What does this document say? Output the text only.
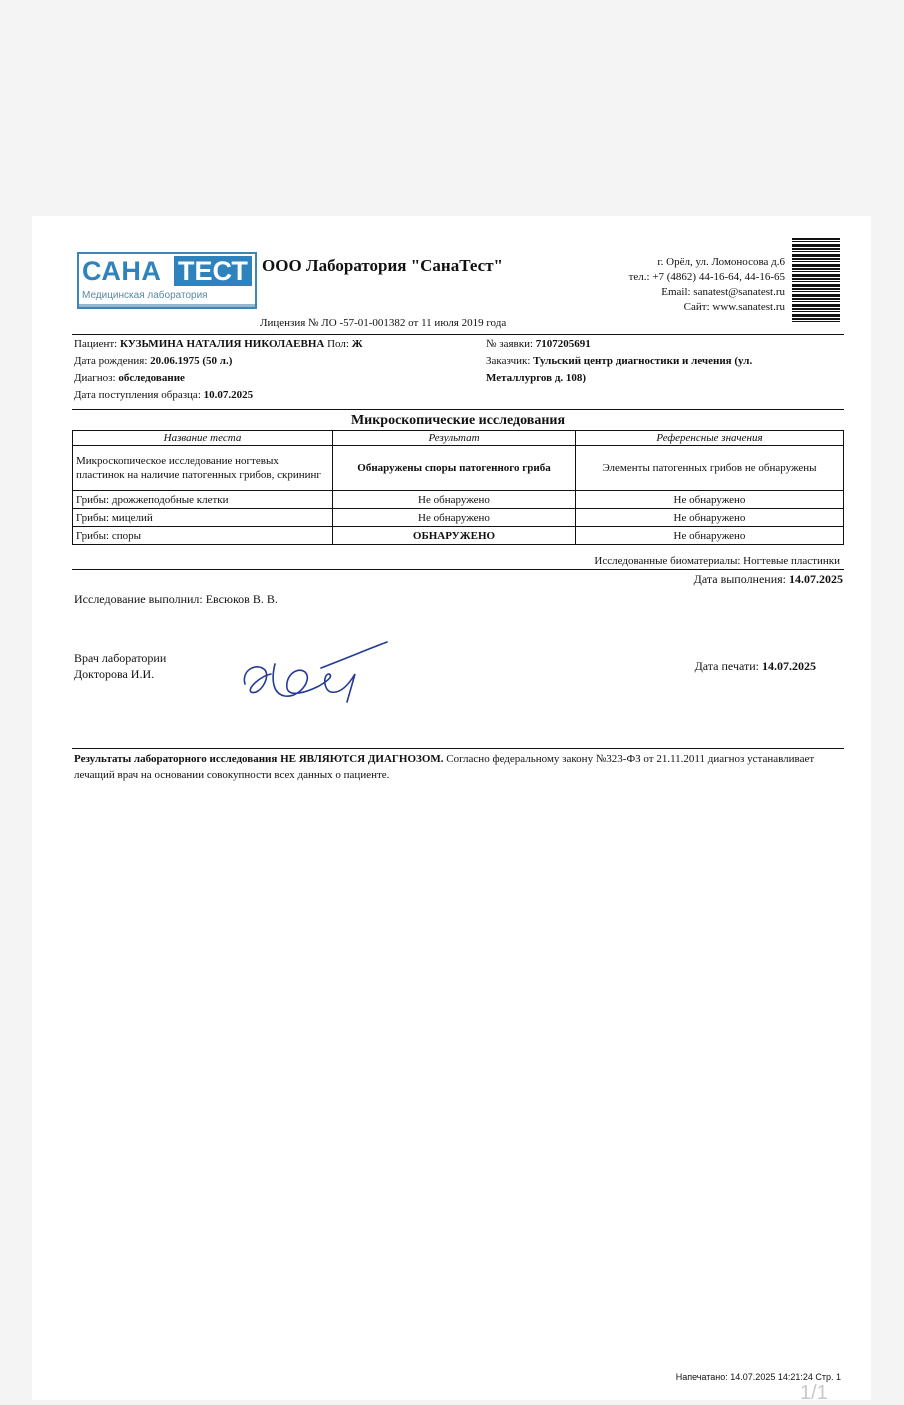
САНА ТЕСТ
Медицинская лаборатория
ООО Лаборатория "СанаТест"	г. Орёл, ул. Ломоносова д.6
тел.: +7 (4862) 44-16-64, 44-16-65
Email: sanatest@sanatest.ru
Сайт: www.sanatest.ru
Лицензия № ЛО -57-01-001382 от 11 июля 2019 года
Пациент: КУЗЬМИНА НАТАЛИЯ НИКОЛАЕВНА Пол: Ж
Дата рождения: 20.06.1975 (50 л.)
Диагноз: обследование
Дата поступления образца: 10.07.2025
№ заявки: 7107205691
Заказчик: Тульский центр диагностики и лечения (ул.
Металлургов д. 108)
Микроскопические исследования
Название теста	Результат	Референсные значения
Микроскопическое исследование ногтевых пластинок на наличие патогенных грибов, скрининг	Обнаружены споры патогенного гриба	Элементы патогенных грибов не обнаружены
Грибы: дрожжеподобные клетки	Не обнаружено	Не обнаружено
Грибы: мицелий	Не обнаружено	Не обнаружено
Грибы: споры	ОБНАРУЖЕНО	Не обнаружено
Исследованные биоматериалы: Ногтевые пластинки
Дата выполнения: 14.07.2025
Исследование выполнил: Евсюков В. В.
Врач лаборатории
Докторова И.И.
Дата печати: 14.07.2025
Результаты лабораторного исследования НЕ ЯВЛЯЮТСЯ ДИАГНОЗОМ. Согласно федеральному закону №323-ФЗ от 21.11.2011 диагноз устанавливает лечащий врач на основании совокупности всех данных о пациенте.
Напечатано: 14.07.2025 14:21:24 Стр. 1
1/1
